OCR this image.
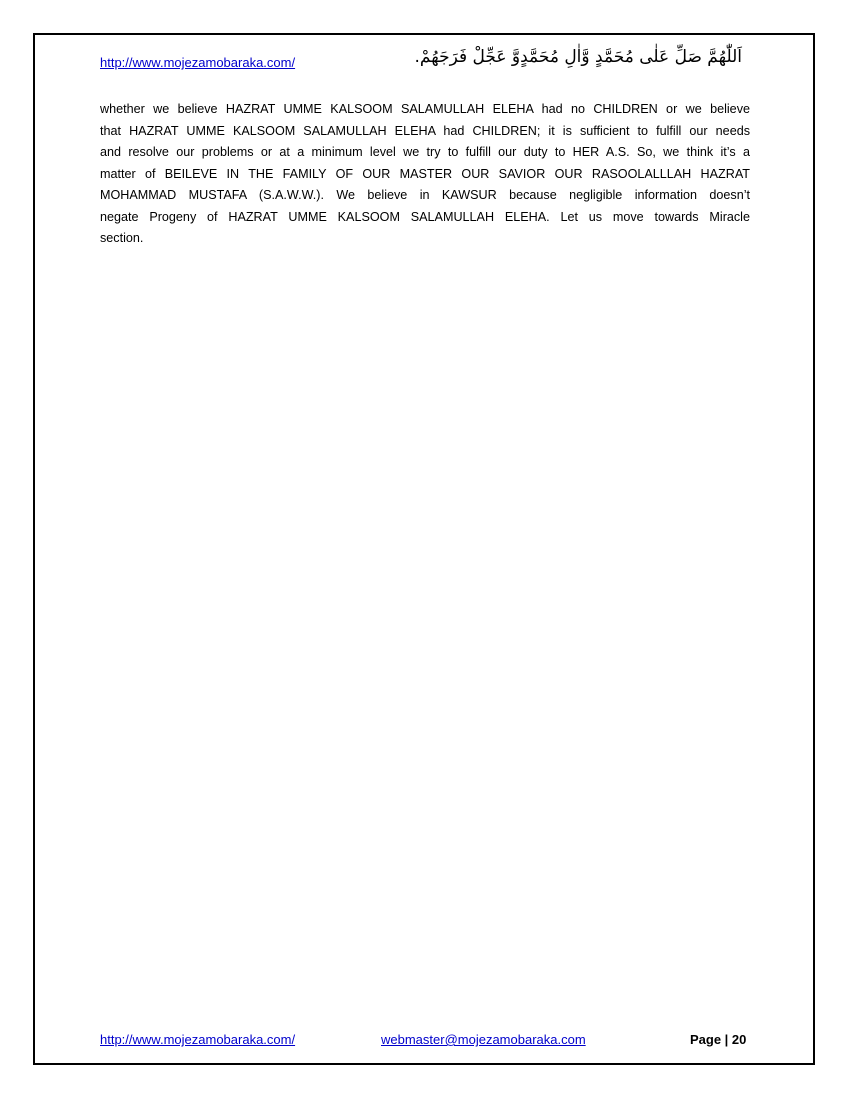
http://www.mojezamobaraka.com/	اَللّٰهُمَّ صَلِّ عَلٰى مُحَمَّدٍ وَّاٰلِ مُحَمَّدٍوَّ عَجِّلْ فَرَجَهُمْ.
whether we believe HAZRAT UMME KALSOOM SALAMULLAH ELEHA had no CHILDREN or we believe
that HAZRAT UMME KALSOOM SALAMULLAH ELEHA had CHILDREN; it is sufficient to fulfill our needs
and resolve our problems or at a minimum level we try to fulfill our duty to HER A.S. So, we think it’s a
matter of BEILEVE IN THE FAMILY OF OUR MASTER OUR SAVIOR OUR RASOOLALLLAH HAZRAT
MOHAMMAD MUSTAFA (S.A.W.W.). We believe in KAWSUR because negligible information doesn’t
negate Progeny of HAZRAT UMME KALSOOM SALAMULLAH ELEHA. Let us move towards Miracle
section.
http://www.mojezamobaraka.com/	webmaster@mojezamobaraka.com	Page | 20
